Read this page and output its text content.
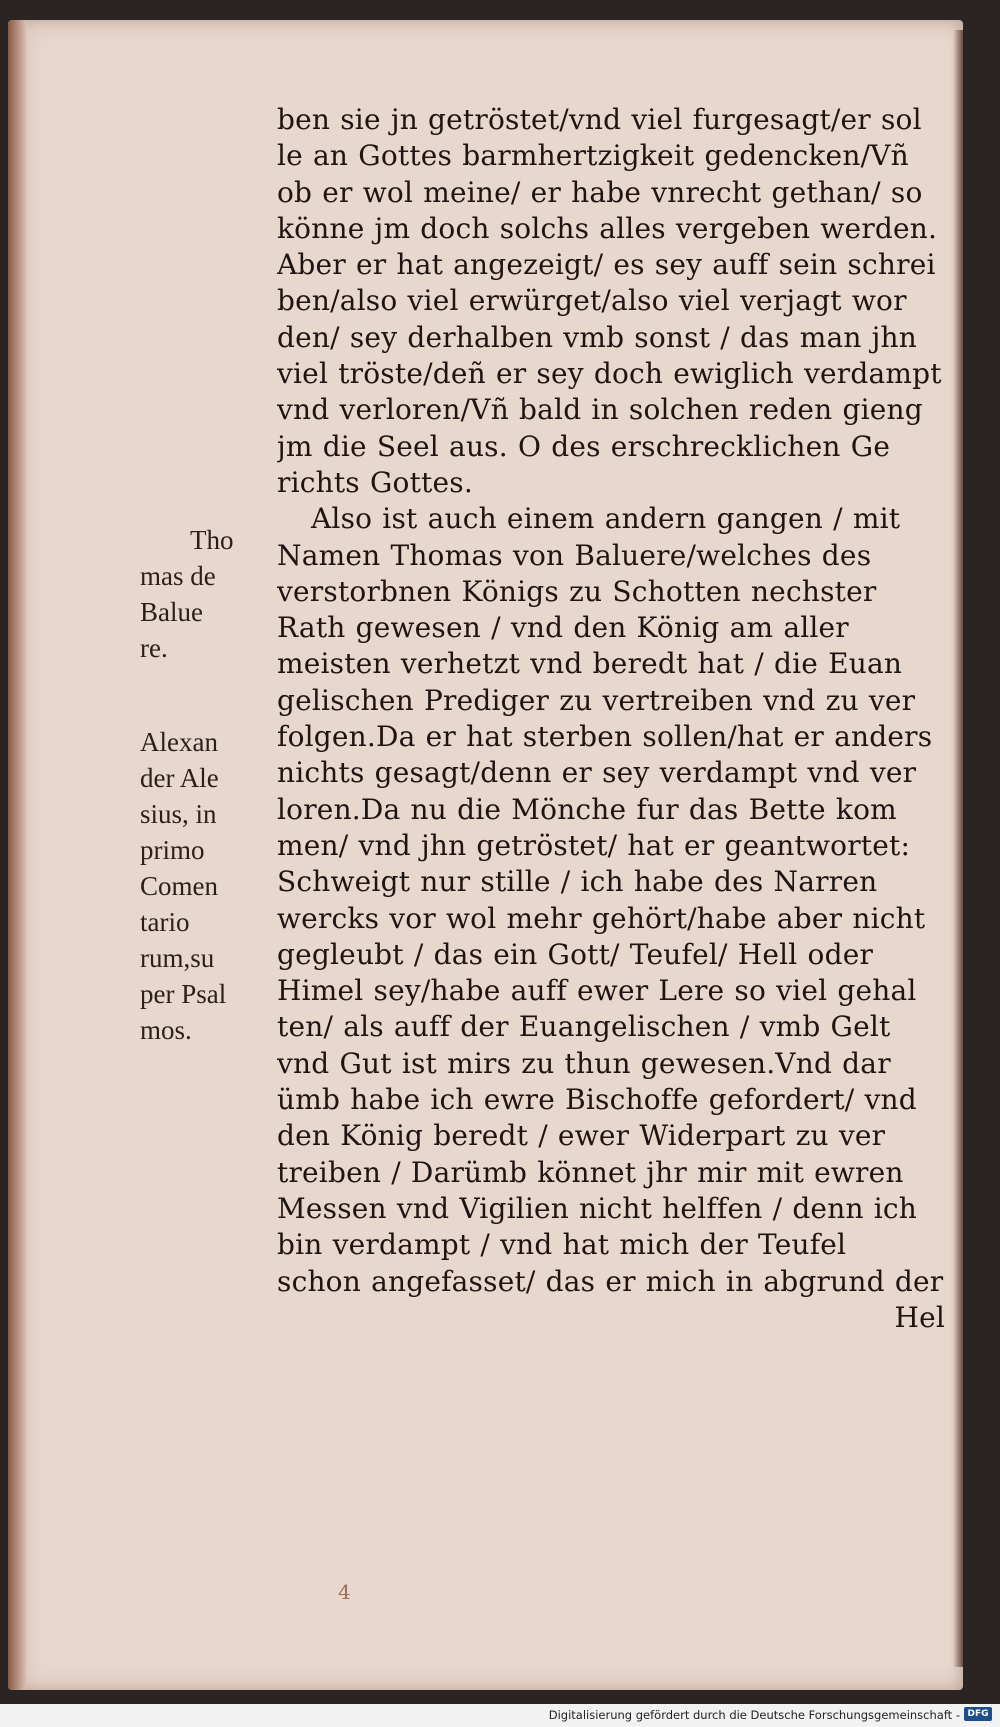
ben sie jn getröstet/vnd viel furgesagt/er sol
le an Gottes barmhertzigkeit gedencken/Vñ
ob er wol meine/ er habe vnrecht gethan/ so
könne jm doch solchs alles vergeben werden.
Aber er hat angezeigt/ es sey auff sein schrei
ben/also viel erwürget/also viel verjagt wor
den/ sey derhalben vmb sonst / das man jhn
viel tröste/deñ er sey doch ewiglich verdampt
vnd verloren/Vñ bald in solchen reden gieng
jm die Seel aus. O des erschrecklichen Ge
richts Gottes.
Also ist auch einem andern gangen / mit
Namen Thomas von Baluere/welches des
verstorbnen Königs zu Schotten nechster
Rath gewesen / vnd den König am aller
meisten verhetzt vnd beredt hat / die Euan
gelischen Prediger zu vertreiben vnd zu ver
folgen.Da er hat sterben sollen/hat er anders
nichts gesagt/denn er sey verdampt vnd ver
loren.Da nu die Mönche fur das Bette kom
men/ vnd jhn getröstet/ hat er geantwortet:
Schweigt nur stille / ich habe des Narren
wercks vor wol mehr gehört/habe aber nicht
gegleubt / das ein Gott/ Teufel/ Hell oder
Himel sey/habe auff ewer Lere so viel gehal
ten/ als auff der Euangelischen / vmb Gelt
vnd Gut ist mirs zu thun gewesen.Vnd dar
ümb habe ich ewre Bischoffe gefordert/ vnd
den König beredt / ewer Widerpart zu ver
treiben / Darümb könnet jhr mir mit ewren
Messen vnd Vigilien nicht helffen / denn ich
bin verdampt / vnd hat mich der Teufel
schon angefasset/ das er mich in abgrund der
Hel
Tho
mas de
Balue
re.
Alexan
der Ale
sius, in
primo
Comen
tario
rum,su
per Psal
mos.
4
Digitalisierung gefördert durch die Deutsche Forschungsgemeinschaft - DFG
